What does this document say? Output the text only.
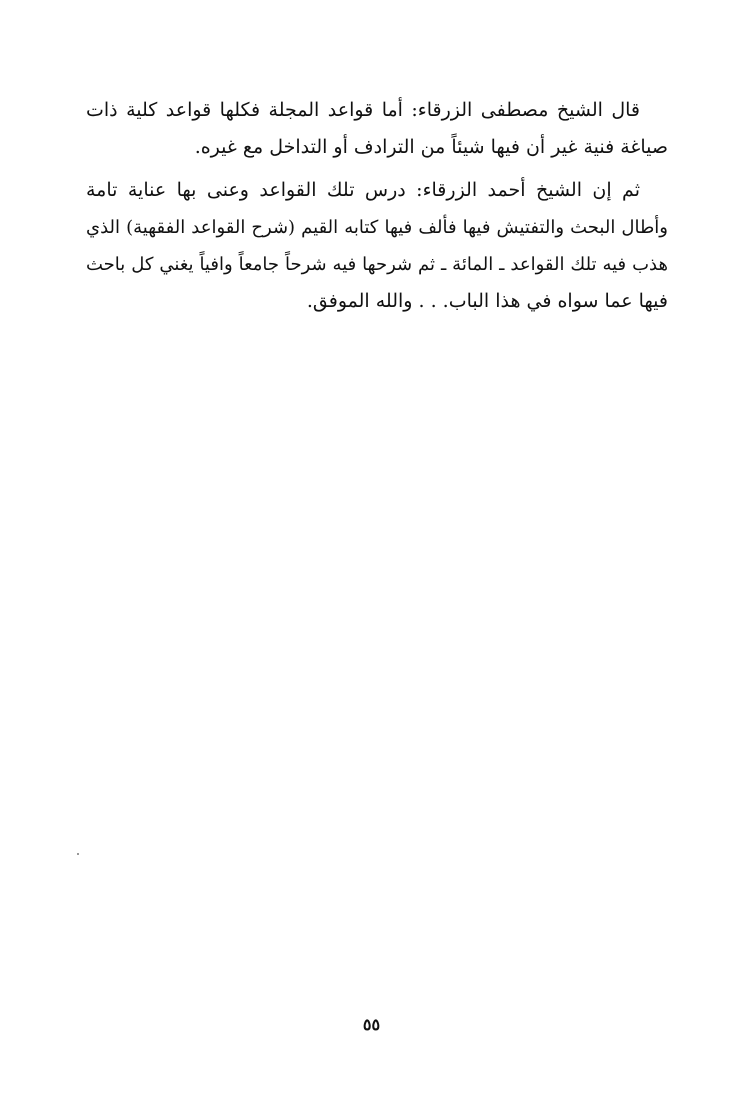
قال الشيخ مصطفى الزرقاء: أما قواعد المجلة فكلها قواعد كلية ذات
صياغة فنية غير أن فيها شيئاً من الترادف أو التداخل مع غيره.

ثم إن الشيخ أحمد الزرقاء: درس تلك القواعد وعنى بها عناية تامة
وأطال البحث والتفتيش فيها فألف فيها كتابه القيم (شرح القواعد الفقهية) الذي
هذب فيه تلك القواعد ـ المائة ـ ثم شرحها فيه شرحاً جامعاً وافياً يغني كل باحث
فيها عما سواه في هذا الباب. . . والله الموفق.

٥٥
